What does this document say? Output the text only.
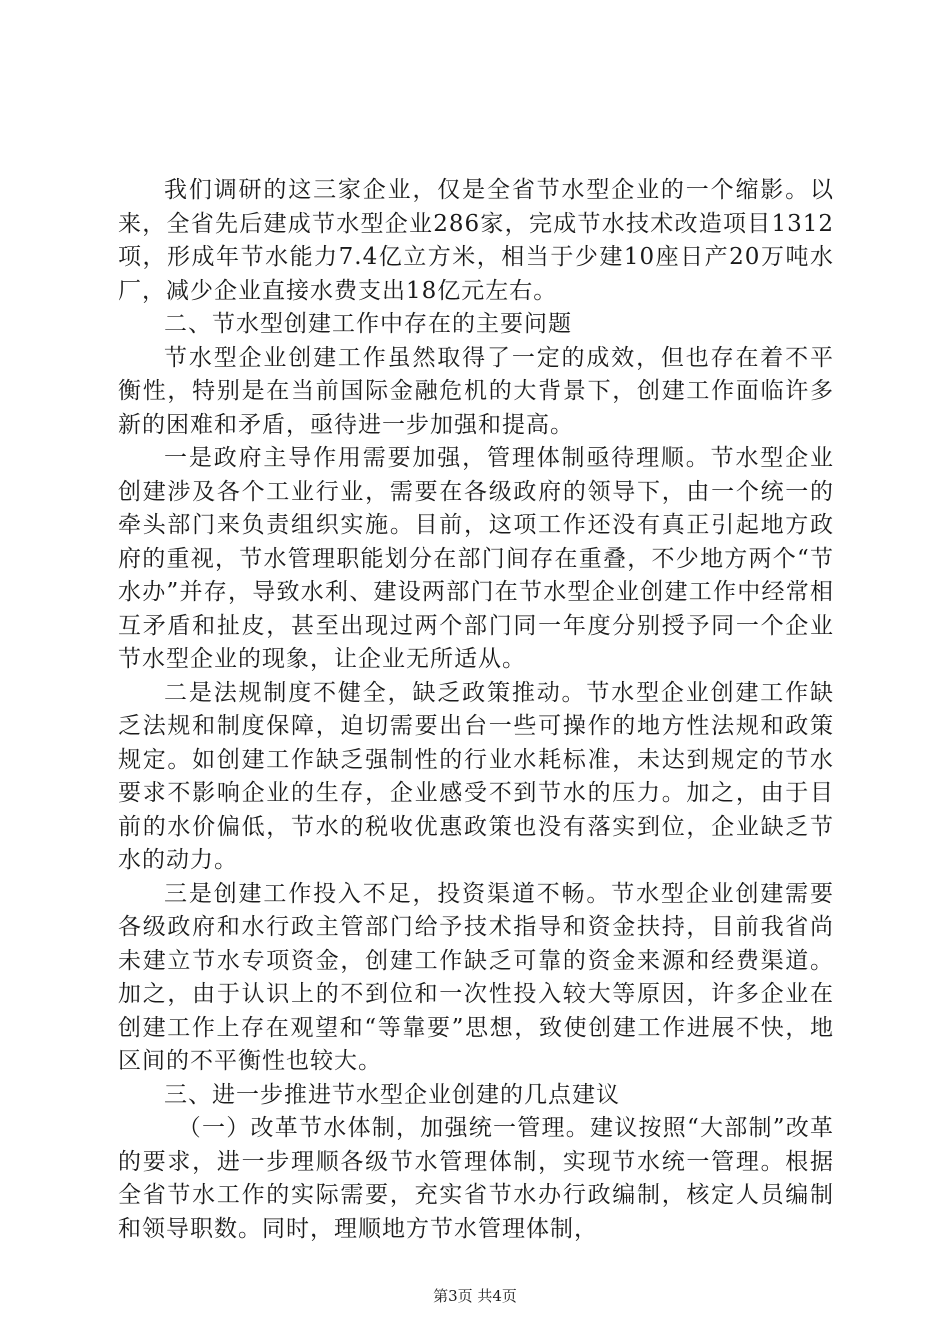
我们调研的这三家企业，仅是全省节水型企业的一个缩影。以来，全省先后建成节水型企业286家，完成节水技术改造项目1312项，形成年节水能力7.4亿立方米，相当于少建10座日产20万吨水厂，减少企业直接水费支出18亿元左右。

二、节水型创建工作中存在的主要问题

节水型企业创建工作虽然取得了一定的成效，但也存在着不平衡性，特别是在当前国际金融危机的大背景下，创建工作面临许多新的困难和矛盾，亟待进一步加强和提高。

一是政府主导作用需要加强，管理体制亟待理顺。节水型企业创建涉及各个工业行业，需要在各级政府的领导下，由一个统一的牵头部门来负责组织实施。目前，这项工作还没有真正引起地方政府的重视，节水管理职能划分在部门间存在重叠，不少地方两个“节水办”并存，导致水利、建设两部门在节水型企业创建工作中经常相互矛盾和扯皮，甚至出现过两个部门同一年度分别授予同一个企业节水型企业的现象，让企业无所适从。

二是法规制度不健全，缺乏政策推动。节水型企业创建工作缺乏法规和制度保障，迫切需要出台一些可操作的地方性法规和政策规定。如创建工作缺乏强制性的行业水耗标准，未达到规定的节水要求不影响企业的生存，企业感受不到节水的压力。加之，由于目前的水价偏低，节水的税收优惠政策也没有落实到位，企业缺乏节水的动力。

三是创建工作投入不足，投资渠道不畅。节水型企业创建需要各级政府和水行政主管部门给予技术指导和资金扶持，目前我省尚未建立节水专项资金，创建工作缺乏可靠的资金来源和经费渠道。加之，由于认识上的不到位和一次性投入较大等原因，许多企业在创建工作上存在观望和“等靠要”思想，致使创建工作进展不快，地区间的不平衡性也较大。

三、进一步推进节水型企业创建的几点建议

（一）改革节水体制，加强统一管理。建议按照“大部制”改革的要求，进一步理顺各级节水管理体制，实现节水统一管理。根据全省节水工作的实际需要，充实省节水办行政编制，核定人员编制和领导职数。同时，理顺地方节水管理体制，

第3页 共4页
